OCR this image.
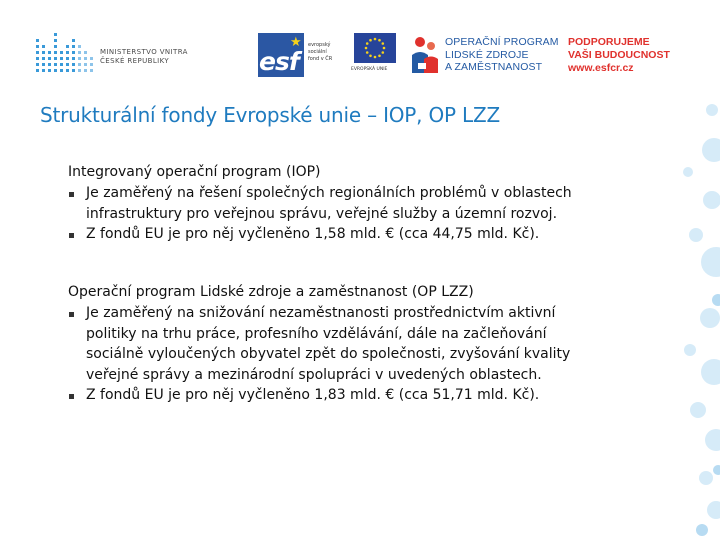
MINISTERSTVO VNITRA
ČESKÉ REPUBLIKY	esf
★ evropský
sociální
fond v ČR
EVROPSKÁ UNIE
OPERAČNÍ PROGRAM
LIDSKÉ ZDROJE
A ZAMĚSTNANOST
PODPORUJEME
VAŠI BUDOUCNOST
www.esfcr.cz
Strukturální fondy Evropské unie – IOP, OP LZZ
Integrovaný operační program (IOP)
Je zaměřený na řešení společných regionálních problémů v oblastech
infrastruktury pro veřejnou správu, veřejné služby a územní rozvoj.
Z fondů EU je pro něj vyčleněno 1,58 mld. € (cca 44,75 mld. Kč).
Operační program Lidské zdroje a zaměstnanost (OP LZZ)
Je zaměřený na snižování nezaměstnanosti prostřednictvím aktivní
politiky na trhu práce, profesního vzdělávání, dále na začleňování
sociálně vyloučených obyvatel zpět do společnosti, zvyšování kvality
veřejné správy a mezinárodní spolupráci v uvedených oblastech.
Z fondů EU je pro něj vyčleněno 1,83 mld. € (cca 51,71 mld. Kč).
